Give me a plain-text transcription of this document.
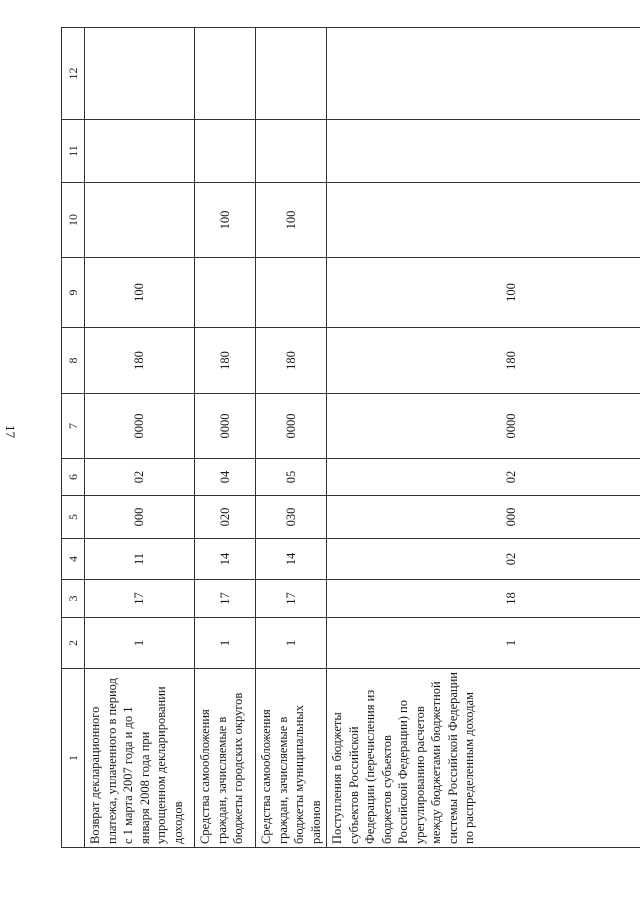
17
1	2	3	4	5	6	7	8	9	10	11	12
Возврат декларационного платежа, уплаченного в период с 1 марта 2007 года и до 1 января 2008 года при упрощенном декларировании доходов	1	17	11	000	02	0000	180	100			
Средства самообложения граждан, зачисляемые в бюджеты городских округов	1	17	14	020	04	0000	180		100		
Средства самообложения граждан, зачисляемые в бюджеты муниципальных районов	1	17	14	030	05	0000	180		100		
Поступления в бюджеты субъектов Российской Федерации (перечисления из бюджетов субъектов Российской Федерации) по урегулированию расчетов между бюджетами бюджетной системы Российской Федерации по распределенным доходам	1	18	02	000	02	0000	180	100			
